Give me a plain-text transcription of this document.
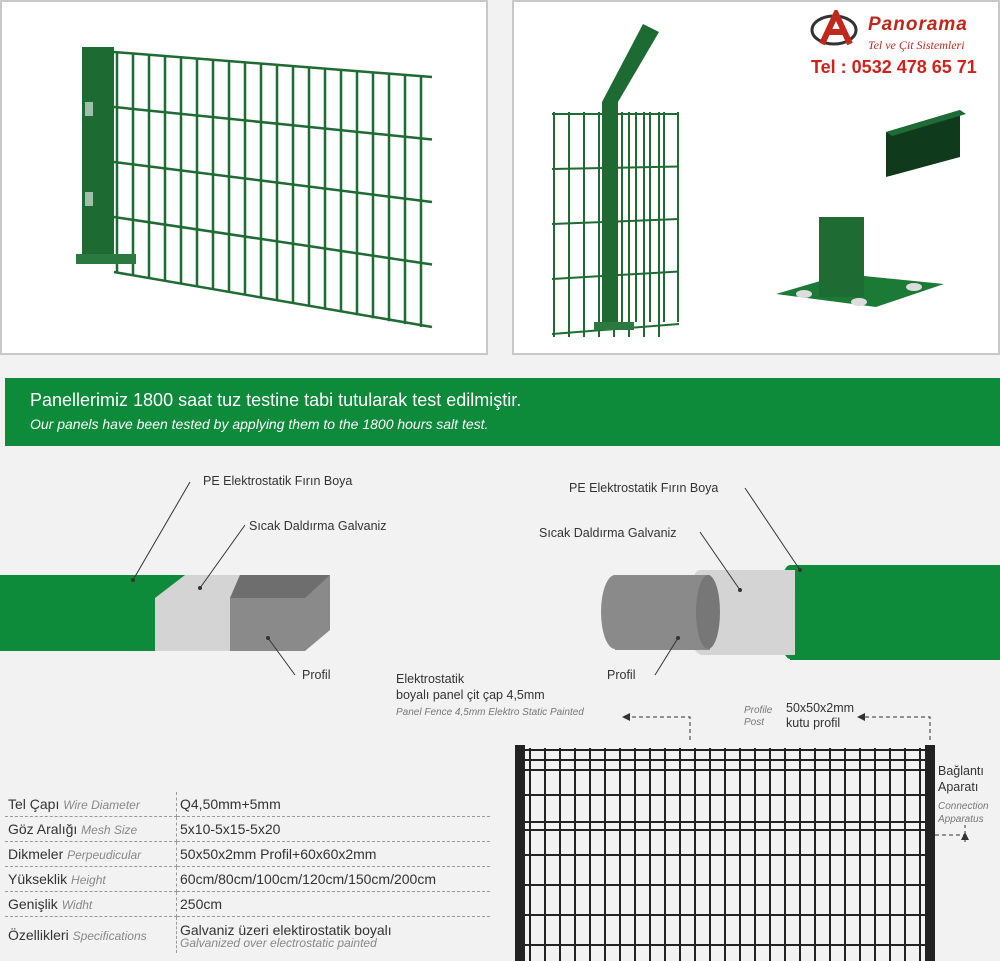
Panorama
Tel ve Çit Sistemleri
Tel : 0532 478 65 71
Panellerimiz 1800 saat tuz testine tabi tutularak test edilmiştir.
Our panels have been tested by applying them to the 1800 hours salt test.
PE Elektrostatik Fırın Boya
Sıcak Daldırma Galvaniz
Profil
PE Elektrostatik Fırın Boya
Sıcak Daldırma Galvaniz
Profil
Elektrostatik
boyalı panel çit çap 4,5mm
Panel Fence 4,5mm Elektro Static Painted	Profile
Post
50x50x2mm
kutu profil
Bağlantı
Aparatı
Connection
Apparatus
Tel Çapı Wire Diameter	Q4,50mm+5mm
Göz Aralığı Mesh Size	5x10-5x15-5x20
Dikmeler Perpeudicular	50x50x2mm Profil+60x60x2mm
Yükseklik Height	60cm/80cm/100cm/120cm/150cm/200cm
Genişlik Widht	250cm
Özellikleri Specifications	Galvaniz üzeri elektirostatik boyalı
Galvanized over electrostatic painted
